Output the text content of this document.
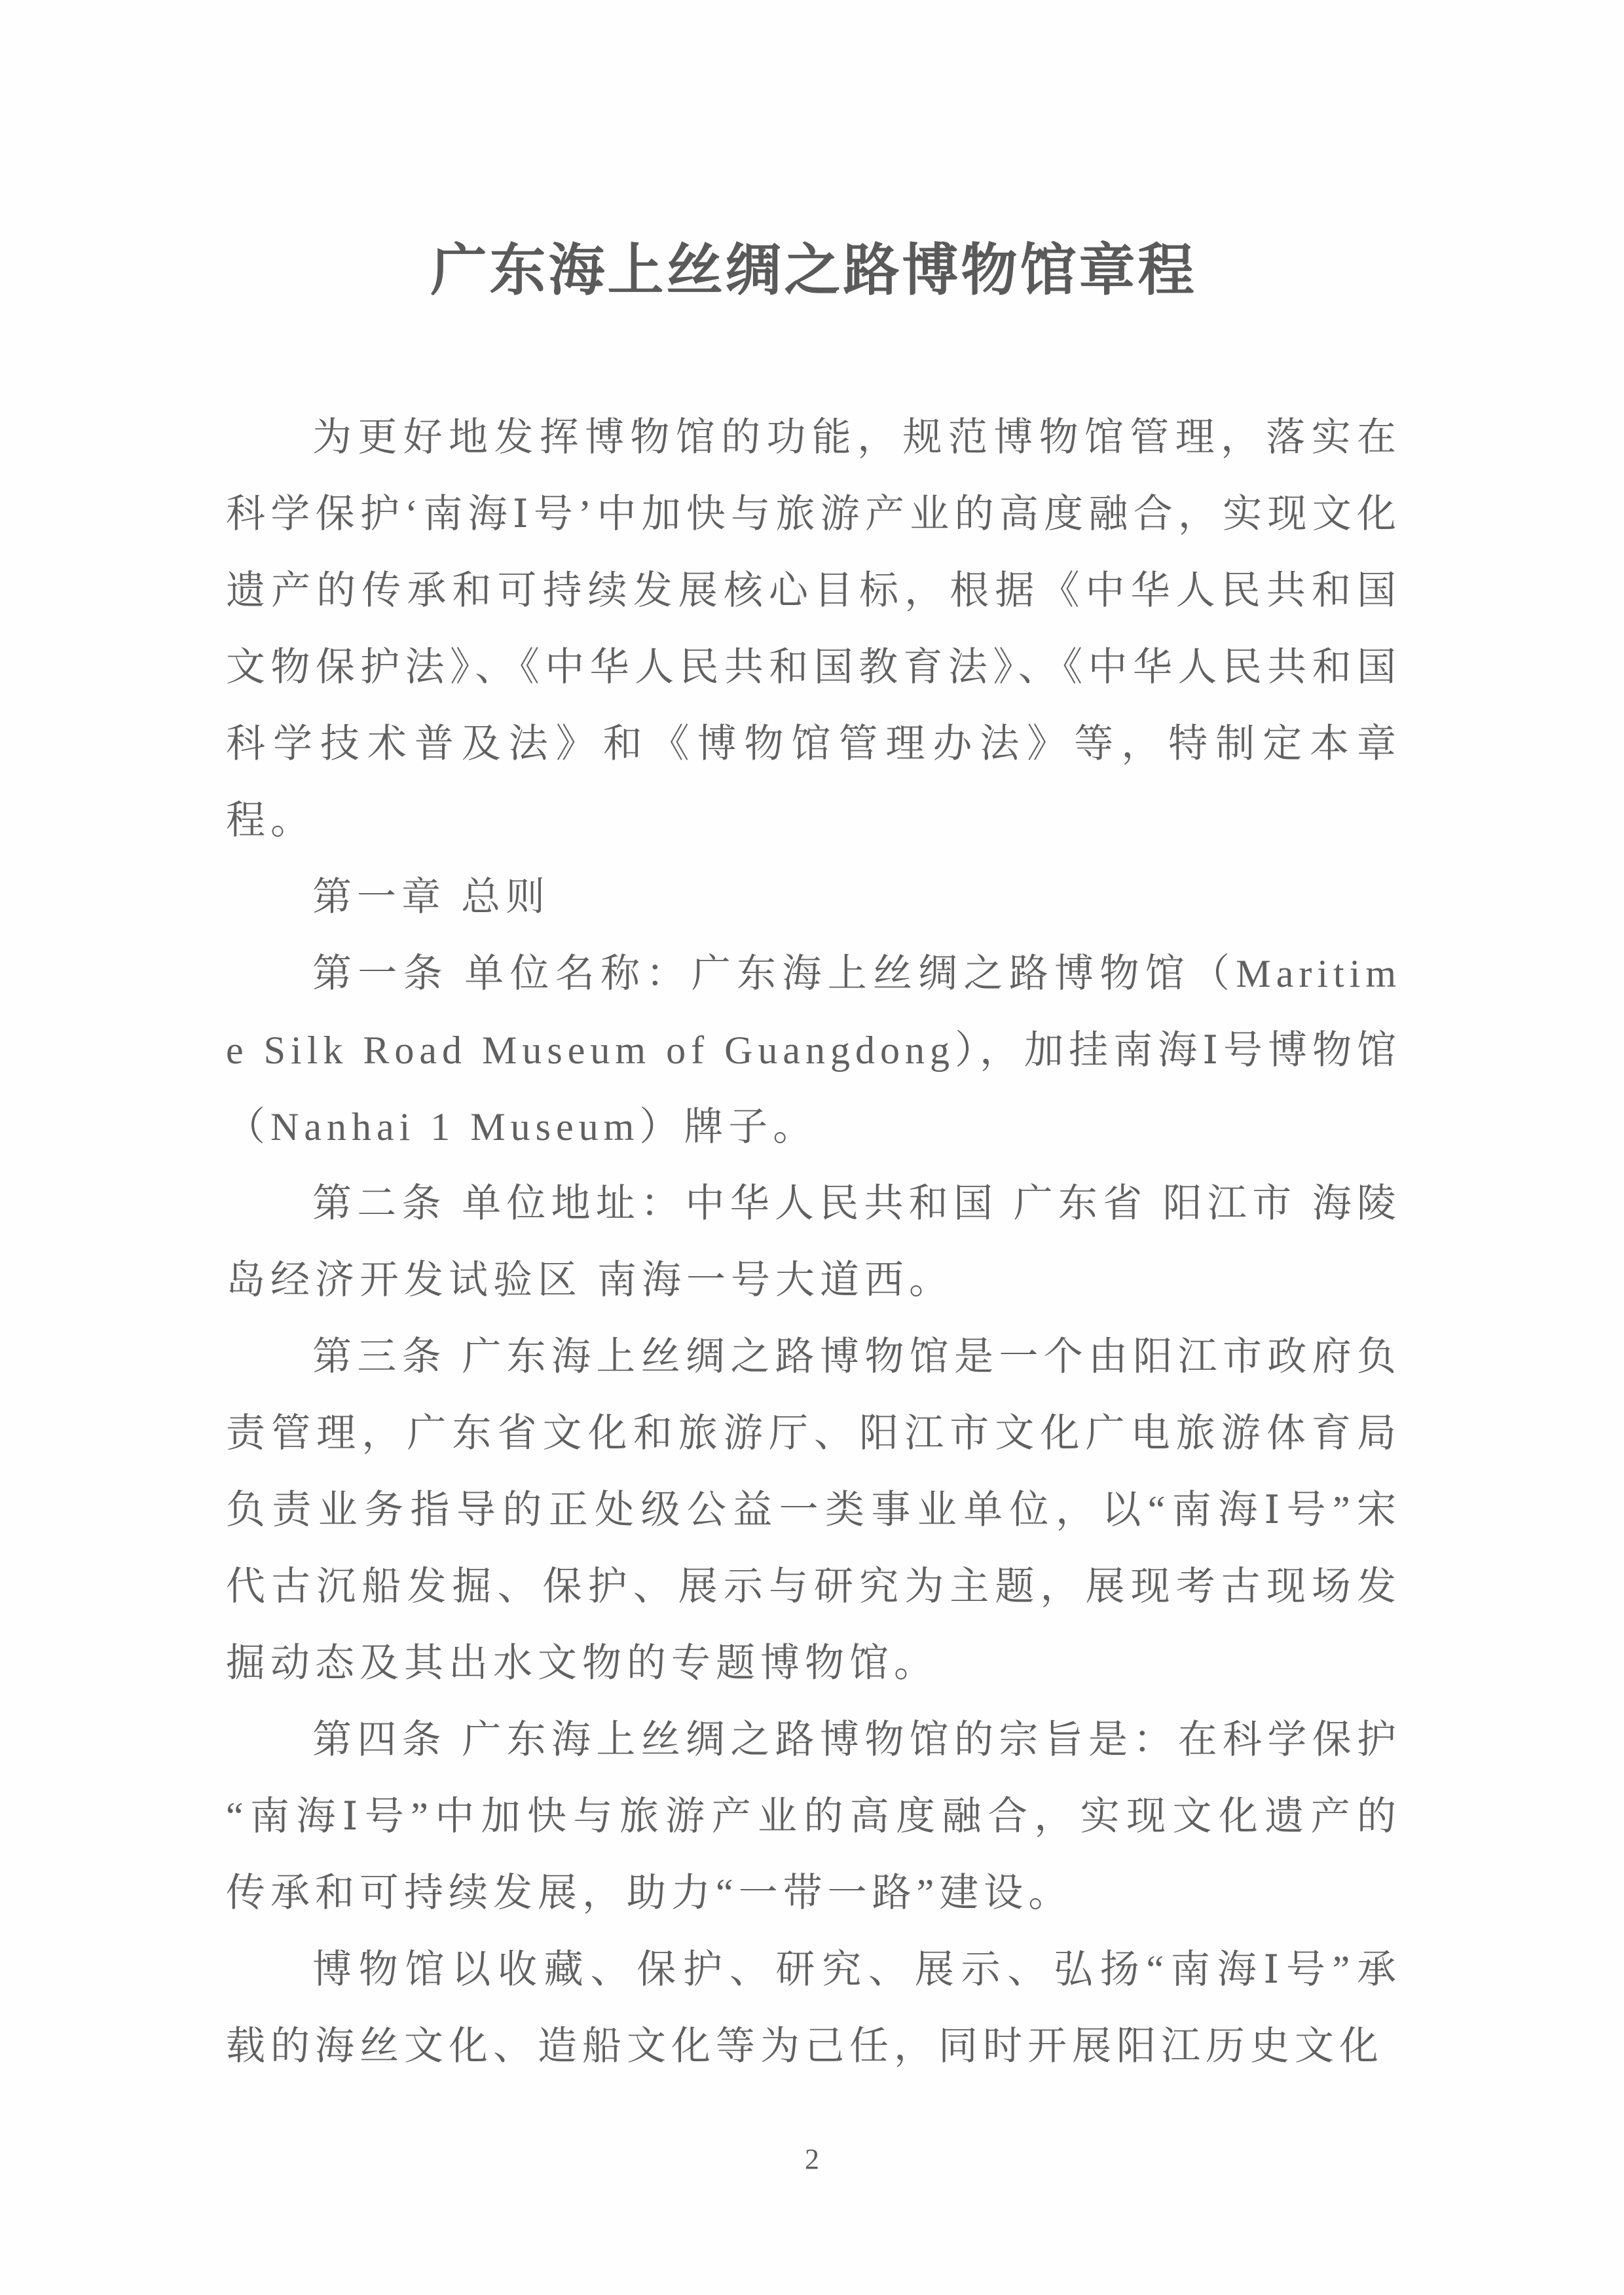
广东海上丝绸之路博物馆章程

为更好地发挥博物馆的功能，规范博物馆管理，落实在科学保护‘南海Ⅰ号’中加快与旅游产业的高度融合，实现文化遗产的传承和可持续发展核心目标，根据《中华人民共和国文物保护法》、《中华人民共和国教育法》、《中华人民共和国科学技术普及法》和《博物馆管理办法》等，特制定本章程。

第一章 总则

第一条 单位名称：广东海上丝绸之路博物馆（Maritime Silk Road Museum of Guangdong），加挂南海Ⅰ号博物馆（Nanhai 1 Museum）牌子。

第二条 单位地址：中华人民共和国 广东省 阳江市 海陵岛经济开发试验区 南海一号大道西。

第三条 广东海上丝绸之路博物馆是一个由阳江市政府负责管理，广东省文化和旅游厅、阳江市文化广电旅游体育局负责业务指导的正处级公益一类事业单位，以“南海Ⅰ号”宋代古沉船发掘、保护、展示与研究为主题，展现考古现场发掘动态及其出水文物的专题博物馆。

第四条 广东海上丝绸之路博物馆的宗旨是：在科学保护“南海Ⅰ号”中加快与旅游产业的高度融合，实现文化遗产的传承和可持续发展，助力“一带一路”建设。

博物馆以收藏、保护、研究、展示、弘扬“南海Ⅰ号”承载的海丝文化、造船文化等为己任，同时开展阳江历史文化

2
